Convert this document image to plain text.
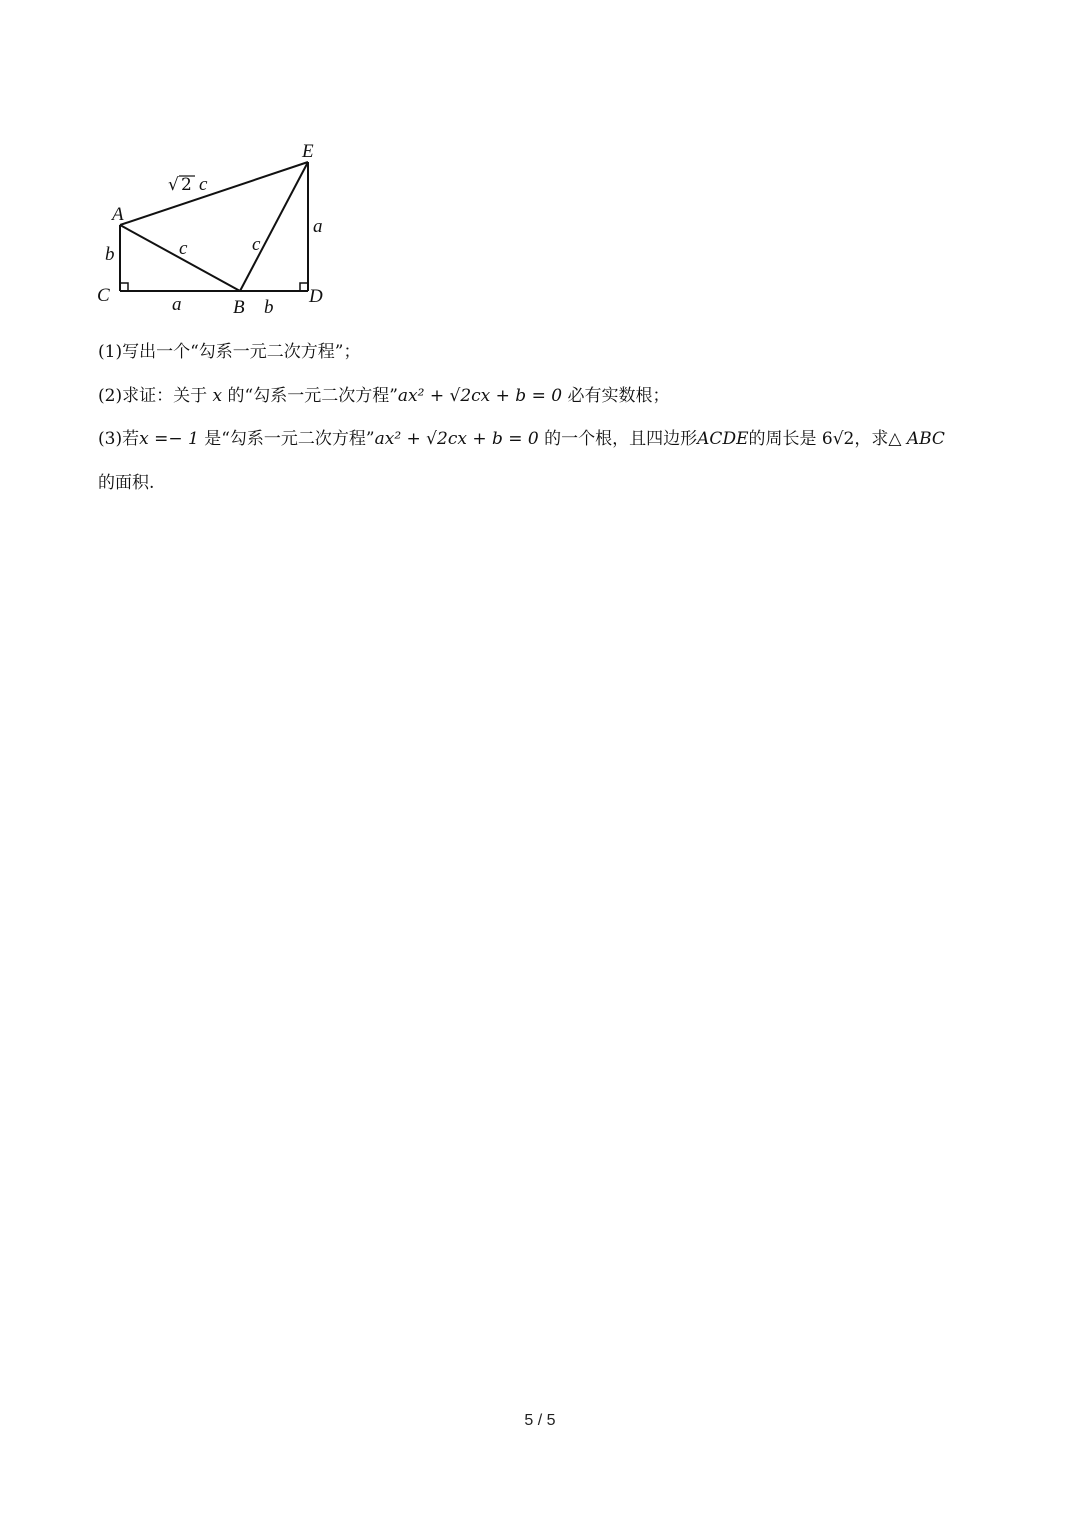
E
A
C
B
D
√ 2 c
b	c	c
a
a	b

(1)写出一个“勾系一元二次方程”；

(2)求证：关于 x 的“勾系一元二次方程”ax² + √2cx + b = 0 必有实数根；

(3)若x =− 1 是“勾系一元二次方程”ax² + √2cx + b = 0 的一个根，且四边形ACDE的周长是 6√2，求△ ABC

的面积.

5 / 5
